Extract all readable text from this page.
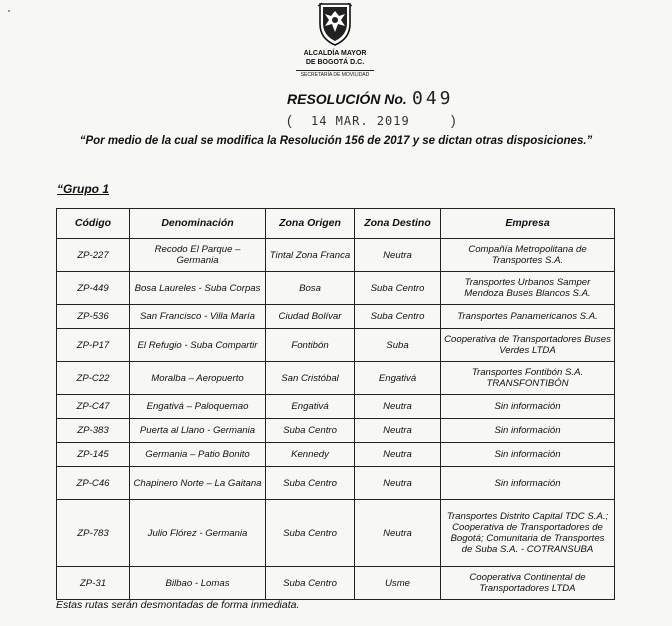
ALCALDÍA MAYOR
DE BOGOTÁ D.C.
SECRETARÍA DE MOVILIDAD
RESOLUCIÓN No. 049
( 14 MAR. 2019	)
“Por medio de la cual se modifica la Resolución 156 de 2017 y se dictan otras disposiciones.”
“Grupo 1
Código	Denominación	Zona Origen	Zona Destino	Empresa
ZP-227	Recodo El Parque – Germania	Tintal Zona Franca	Neutra	Compañía Metropolitana de Transportes S.A.
ZP-449	Bosa Laureles - Suba Corpas	Bosa	Suba Centro	Transportes Urbanos Samper Mendoza Buses Blancos S.A.
ZP-536	San Francisco - Villa María	Ciudad Bolívar	Suba Centro	Transportes Panamericanos S.A.
ZP-P17	El Refugio - Suba Compartir	Fontibón	Suba	Cooperativa de Transportadores Buses Verdes LTDA
ZP-C22	Moralba – Aeropuerto	San Cristóbal	Engativá	Transportes Fontibón S.A. TRANSFONTIBÓN
ZP-C47	Engativá – Paloquemao	Engativá	Neutra	Sin información
ZP-383	Puerta al Llano - Germania	Suba Centro	Neutra	Sin información
ZP-145	Germania – Patio Bonito	Kennedy	Neutra	Sin información
ZP-C46	Chapinero Norte – La Gaitana	Suba Centro	Neutra	Sin información
ZP-783	Julio Flórez - Germania	Suba Centro	Neutra	Transportes Distrito Capital TDC S.A.; Cooperativa de Transportadores de Bogotá; Comunitaria de Transportes de Suba S.A. - COTRANSUBA
ZP-31	Bilbao - Lomas	Suba Centro	Usme	Cooperativa Continental de Transportadores LTDA
Estas rutas serán desmontadas de forma inmediata.
